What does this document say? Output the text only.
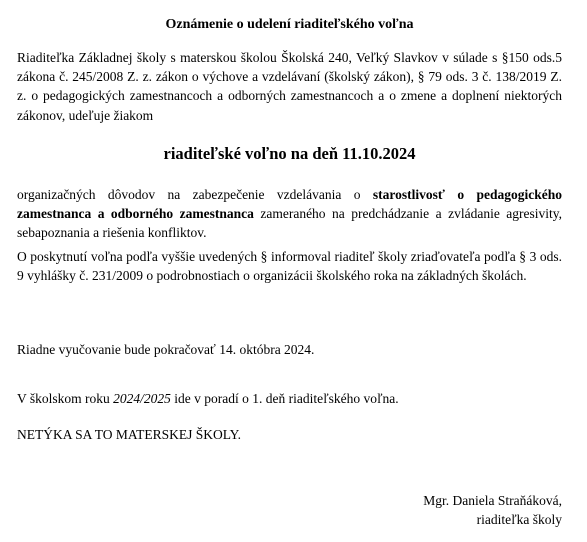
Oznámenie o udelení riaditeľského voľna
Riaditeľka Základnej školy s materskou školou Školská 240, Veľký Slavkov v súlade s §150 ods.5 zákona č. 245/2008 Z. z. zákon o výchove a vzdelávaní (školský zákon), § 79 ods. 3 č. 138/2019 Z. z. o pedagogických zamestnancoch a odborných zamestnancoch a o zmene a doplnení niektorých zákonov, udeľuje žiakom
riaditeľské voľno na deň 11.10.2024
organizačných dôvodov na zabezpečenie vzdelávania o starostlivosť o pedagogického zamestnanca a odborného zamestnanca zameraného na predchádzanie a zvládanie agresivity, sebapoznania a riešenia konfliktov.
O poskytnutí voľna podľa vyššie uvedených § informoval riaditeľ školy zriaďovateľa podľa § 3 ods. 9 vyhlášky č. 231/2009 o podrobnostiach o organizácii školského roka na základných školách.
Riadne vyučovanie bude pokračovať 14. októbra 2024.
V školskom roku 2024/2025 ide v poradí o 1. deň riaditeľského voľna.
NETÝKA SA TO MATERSKEJ ŠKOLY.
Mgr. Daniela Straňáková,
riaditeľka školy
